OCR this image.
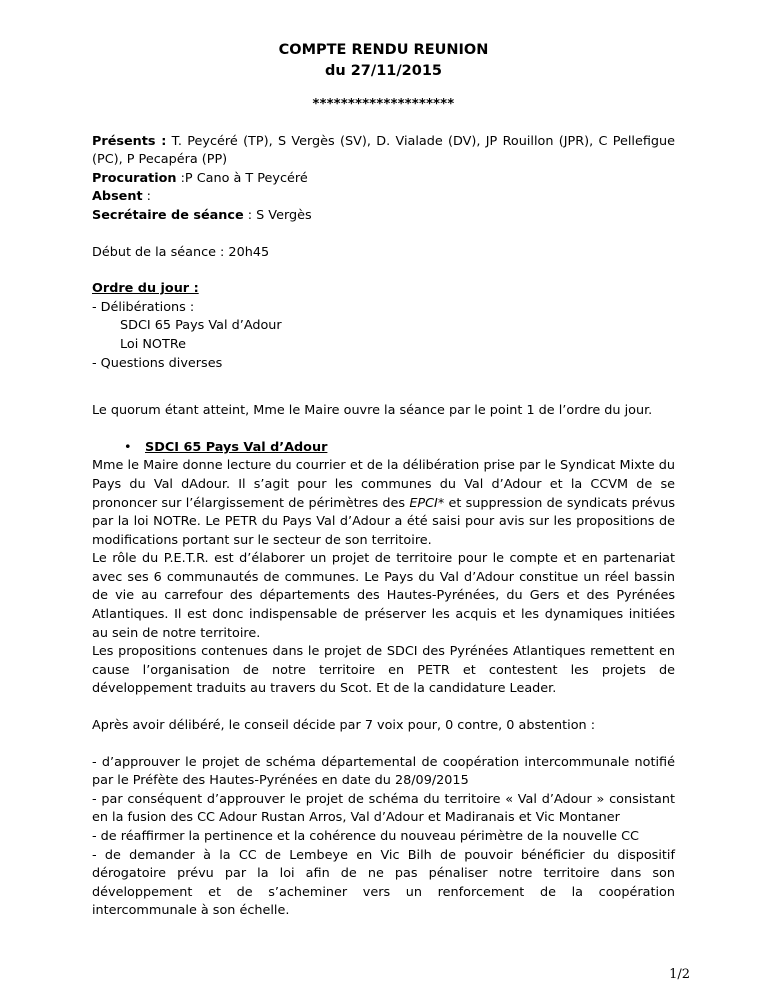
COMPTE RENDU REUNION
du 27/11/2015
********************

Présents : T. Peycéré (TP), S Vergès (SV), D. Vialade (DV), JP Rouillon (JPR), C Pellefigue (PC), P Pecapéra (PP)

Procuration :P Cano à T Peycéré

Absent :

Secrétaire de séance : S Vergès

Début de la séance : 20h45

Ordre du jour :

- Délibérations :

SDCI 65 Pays Val d’Adour

Loi NOTRe

- Questions diverses

Le quorum étant atteint, Mme le Maire ouvre la séance par le point 1 de l’ordre du jour.
• SDCI 65 Pays Val d’Adour

Mme le Maire donne lecture du courrier et de la délibération prise par le Syndicat Mixte du Pays du Val dAdour. Il s’agit pour les communes du Val d’Adour et la CCVM de se prononcer sur l’élargissement de périmètres des EPCI* et suppression de syndicats prévus par la loi NOTRe. Le PETR du Pays Val d’Adour a été saisi pour avis sur les propositions de modifications portant sur le secteur de son territoire.

Le rôle du P.E.T.R. est d’élaborer un projet de territoire pour le compte et en partenariat avec ses 6 communautés de communes. Le Pays du Val d’Adour constitue un réel bassin de vie au carrefour des départements des Hautes-Pyrénées, du Gers et des Pyrénées Atlantiques. Il est donc indispensable de préserver les acquis et les dynamiques initiées au sein de notre territoire.

Les propositions contenues dans le projet de SDCI des Pyrénées Atlantiques remettent en cause l’organisation de notre territoire en PETR et contestent les projets de développement traduits au travers du Scot. Et de la candidature Leader.

Après avoir délibéré, le conseil décide par 7 voix pour, 0 contre, 0 abstention :

- d’approuver le projet de schéma départemental de coopération intercommunale notifié par le Préfète des Hautes-Pyrénées en date du 28/09/2015

- par conséquent d’approuver le projet de schéma du territoire « Val d’Adour » consistant en la fusion des CC Adour Rustan Arros, Val d’Adour et Madiranais et Vic Montaner

- de réaffirmer la pertinence et la cohérence du nouveau périmètre de la nouvelle CC

- de demander à la CC de Lembeye en Vic Bilh de pouvoir bénéficier du dispositif dérogatoire prévu par la loi afin de ne pas pénaliser notre territoire dans son développement et de s’acheminer vers un renforcement de la coopération intercommunale à son échelle.

1/2
